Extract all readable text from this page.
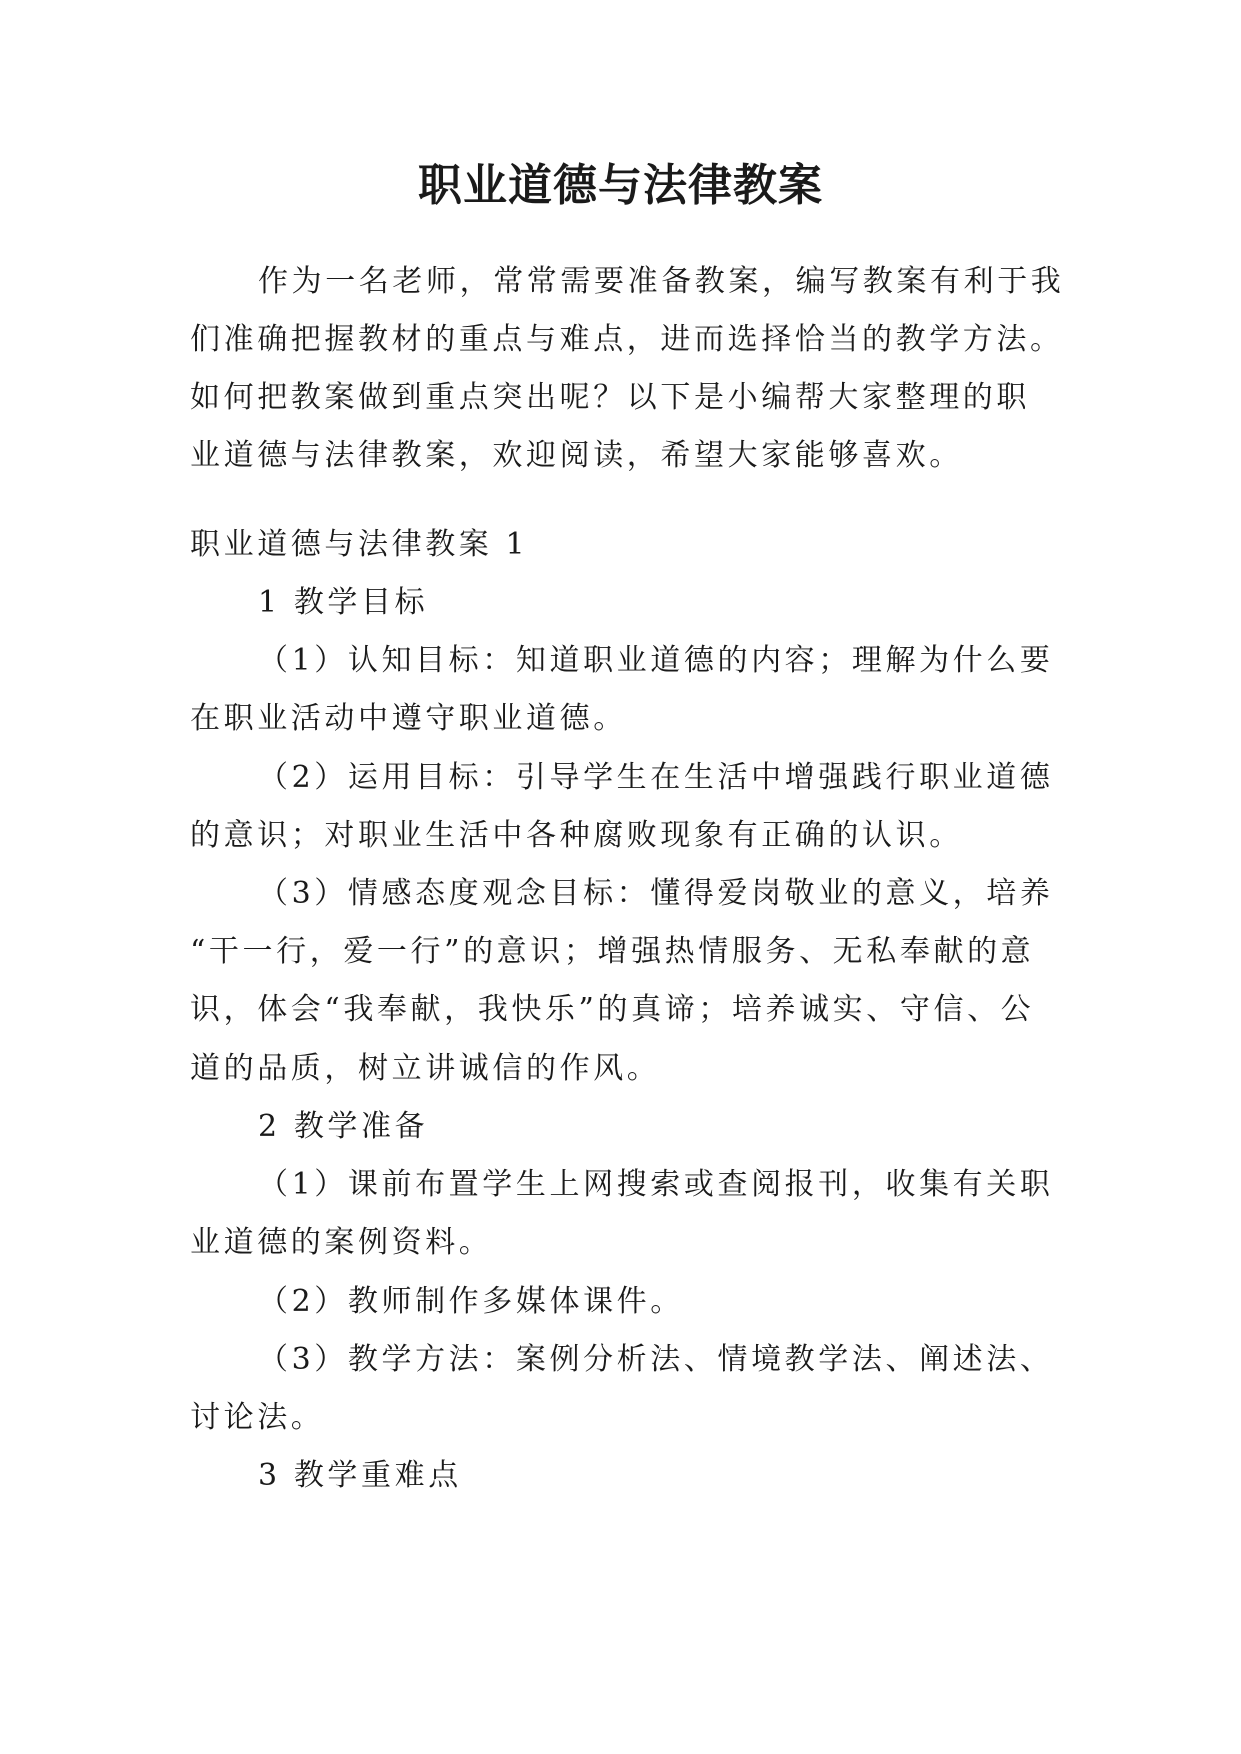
职业道德与法律教案

作为一名老师，常常需要准备教案，编写教案有利于我

们准确把握教材的重点与难点，进而选择恰当的教学方法。

如何把教案做到重点突出呢？以下是小编帮大家整理的职

业道德与法律教案，欢迎阅读，希望大家能够喜欢。

职业道德与法律教案 1

1 教学目标

（1）认知目标：知道职业道德的内容；理解为什么要

在职业活动中遵守职业道德。

（2）运用目标：引导学生在生活中增强践行职业道德

的意识；对职业生活中各种腐败现象有正确的认识。

（3）情感态度观念目标：懂得爱岗敬业的意义，培养

“干一行，爱一行”的意识；增强热情服务、无私奉献的意

识，体会“我奉献，我快乐”的真谛；培养诚实、守信、公

道的品质，树立讲诚信的作风。

2 教学准备

（1）课前布置学生上网搜索或查阅报刊，收集有关职

业道德的案例资料。

（2）教师制作多媒体课件。

（3）教学方法：案例分析法、情境教学法、阐述法、

讨论法。

3 教学重难点
